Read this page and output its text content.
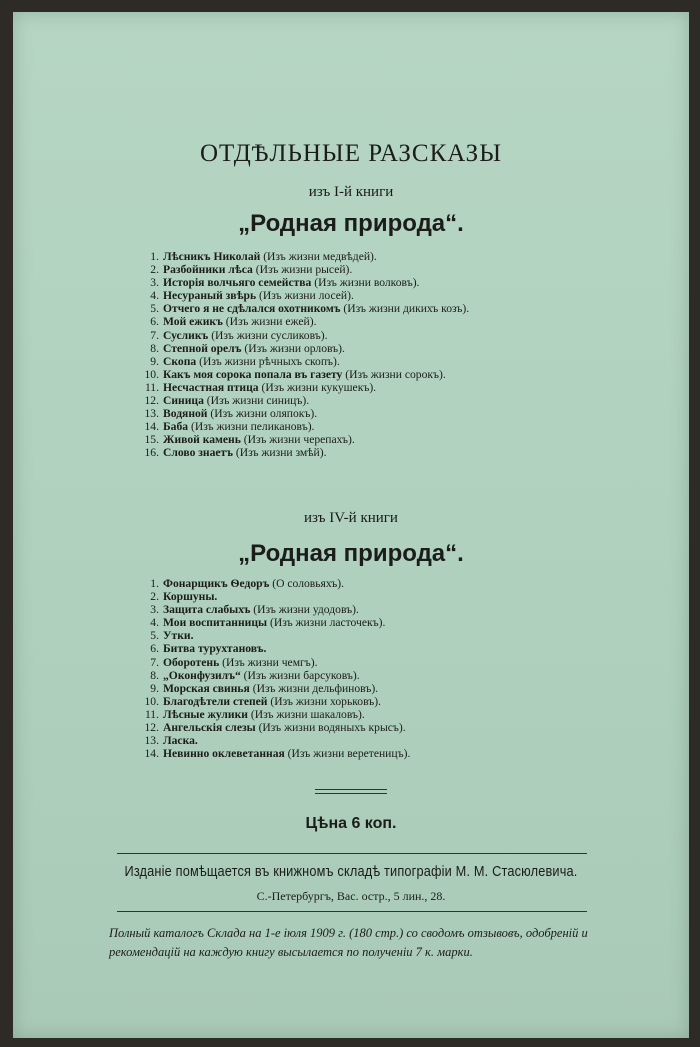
ОТДѢЛЬНЫЕ РАЗСКАЗЫ
изъ I-й книги
„Родная природа“.
1. Лѣсникъ Николай (Изъ жизни медвѣдей).
2. Разбойники лѣса (Изъ жизни рысей).
3. Исторія волчьяго семейства (Изъ жизни волковъ).
4. Несураный звѣрь (Изъ жизни лосей).
5. Отчего я не сдѣлался охотникомъ (Изъ жизни дикихъ козъ).
6. Мой ежикъ (Изъ жизни ежей).
7. Сусликъ (Изъ жизни сусликовъ).
8. Степной орелъ (Изъ жизни орловъ).
9. Скопа (Изъ жизни рѣчныхъ скопъ).
10. Какъ моя сорока попала въ газету (Изъ жизни сорокъ).
11. Несчастная птица (Изъ жизни кукушекъ).
12. Синица (Изъ жизни синицъ).
13. Водяной (Изъ жизни оляпокъ).
14. Баба (Изъ жизни пеликановъ).
15. Живой камень (Изъ жизни черепахъ).
16. Слово знаетъ (Изъ жизни змѣй).
изъ IV-й книги
„Родная природа“.
1. Фонарщикъ Ѳедоръ (О соловьяхъ).
2. Коршуны.
3. Защита слабыхъ (Изъ жизни удодовъ).
4. Мои воспитанницы (Изъ жизни ласточекъ).
5. Утки.
6. Битва турухтановъ.
7. Оборотень (Изъ жизни чемгъ).
8. „Оконфузилъ“ (Изъ жизни барсуковъ).
9. Морская свинья (Изъ жизни дельфиновъ).
10. Благодѣтели степей (Изъ жизни хорьковъ).
11. Лѣсные жулики (Изъ жизни шакаловъ).
12. Ангельскія слезы (Изъ жизни водяныхъ крысъ).
13. Ласка.
14. Невинно оклеветанная (Изъ жизни веретеницъ).
Цѣна 6 коп.
Изданіе помѣщается въ книжномъ складѣ типографіи М. М. Стасюлевича.
С.-Петербургъ, Вас. остр., 5 лин., 28.
Полный каталогъ Склада на 1-е іюля 1909 г. (180 стр.) со сводомъ отзывовъ, одобреній и рекомендацій на каждую книгу высылается по полученіи 7 к. марки.
